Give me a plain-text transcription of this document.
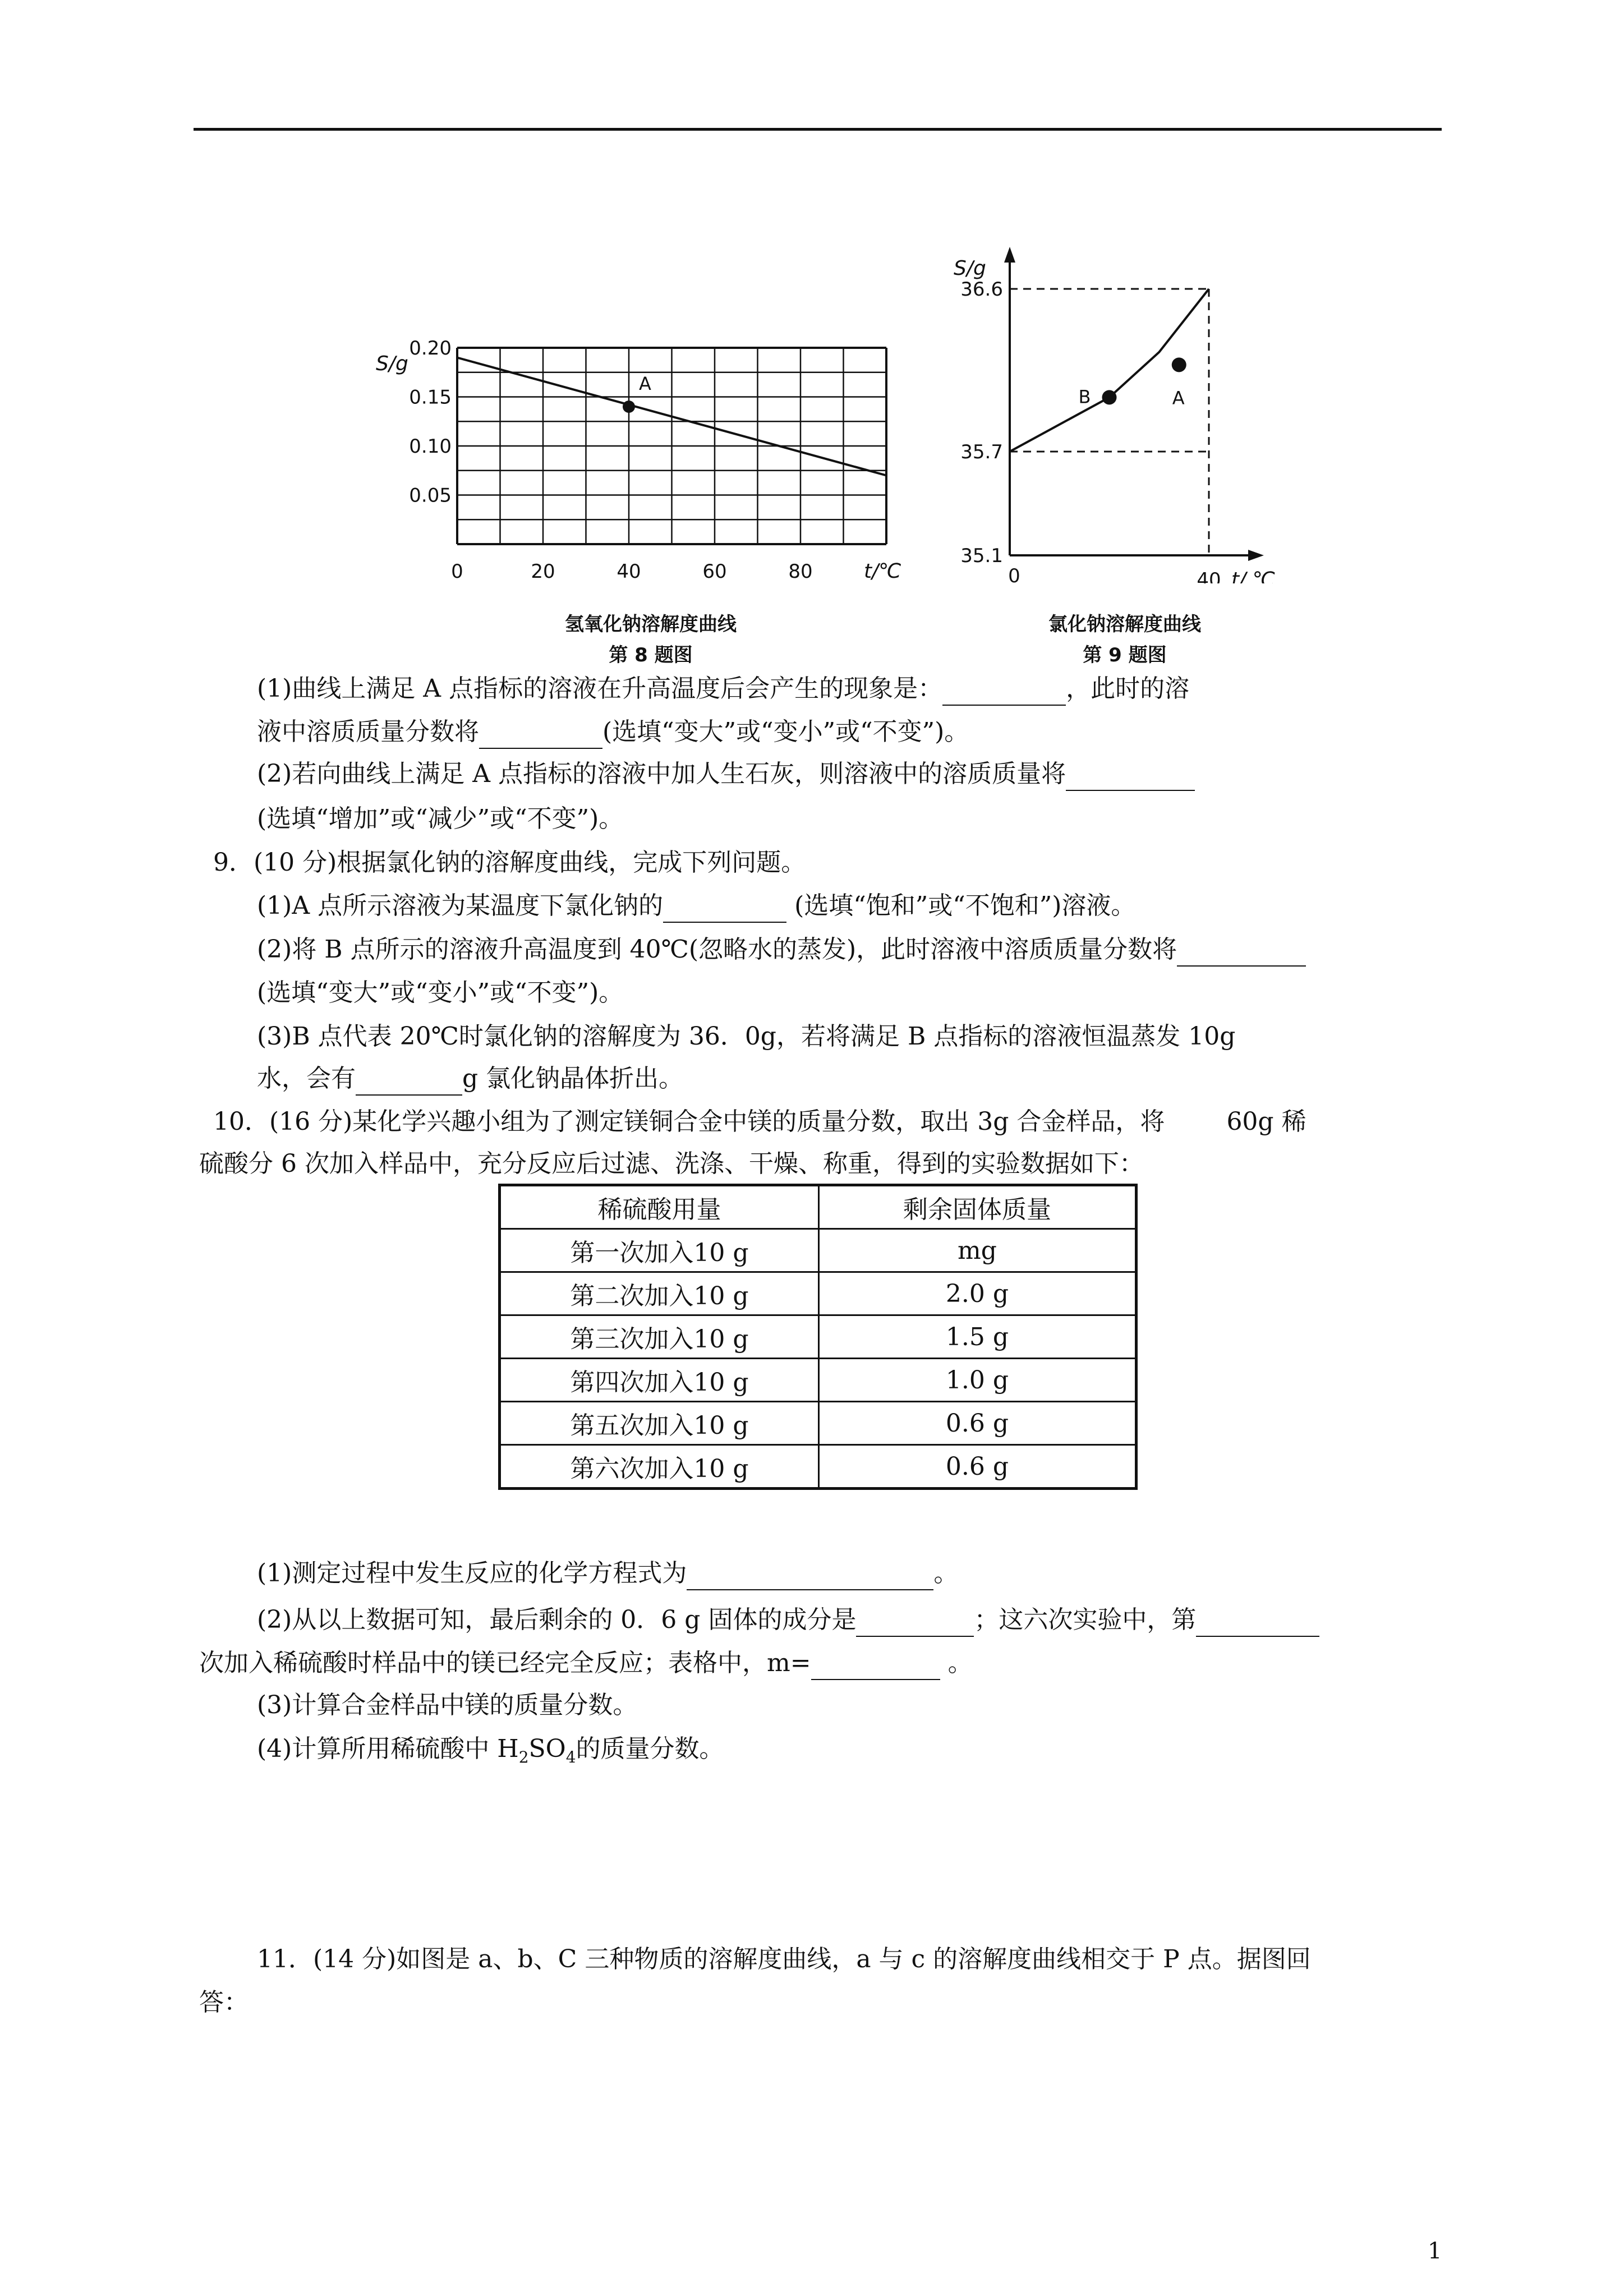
0.20
0.15
0.10
0.05
0	20	40	60	80
S/g
t/℃
A
氢氧化钠溶解度曲线
第 8 题图
36.6
35.7
35.1
0	40
S/g
t/ ℃
B	A
氯化钠溶解度曲线
第 9 题图
(1)曲线上满足 A 点指标的溶液在升高温度后会产生的现象是：	，此时的溶
液中溶质质量分数将	(选填“变大”或“变小”或“不变”)。
(2)若向曲线上满足 A 点指标的溶液中加人生石灰，则溶液中的溶质质量将
(选填“增加”或“减少”或“不变”)。
9．(10 分)根据氯化钠的溶解度曲线，完成下列问题。
(1)A 点所示溶液为某温度下氯化钠的	(选填“饱和”或“不饱和”)溶液。
(2)将 B 点所示的溶液升高温度到 40℃(忽略水的蒸发)，此时溶液中溶质质量分数将
(选填“变大”或“变小”或“不变”)。
(3)B 点代表 20℃时氯化钠的溶解度为 36．0g，若将满足 B 点指标的溶液恒温蒸发 10g
水，会有	g 氯化钠晶体折出。
10．(16 分)某化学兴趣小组为了测定镁铜合金中镁的质量分数，取出 3g 合金样品，将	60g 稀
硫酸分 6 次加入样品中，充分反应后过滤、洗涤、干燥、称重，得到的实验数据如下：
稀硫酸用量	剩余固体质量
第一次加入10 g	mg
第二次加入10 g	2.0 g
第三次加入10 g	1.5 g
第四次加入10 g	1.0 g
第五次加入10 g	0.6 g
第六次加入10 g	0.6 g
(1)测定过程中发生反应的化学方程式为	。
(2)从以上数据可知，最后剩余的 0．6 g 固体的成分是	；这六次实验中，第
次加入稀硫酸时样品中的镁已经完全反应；表格中，m=	。
(3)计算合金样品中镁的质量分数。
(4)计算所用稀硫酸中 $H_2SO_4$的质量分数。
11．(14 分)如图是 a、b、C 三种物质的溶解度曲线，a 与 c 的溶解度曲线相交于 P 点。据图回
答：
1
